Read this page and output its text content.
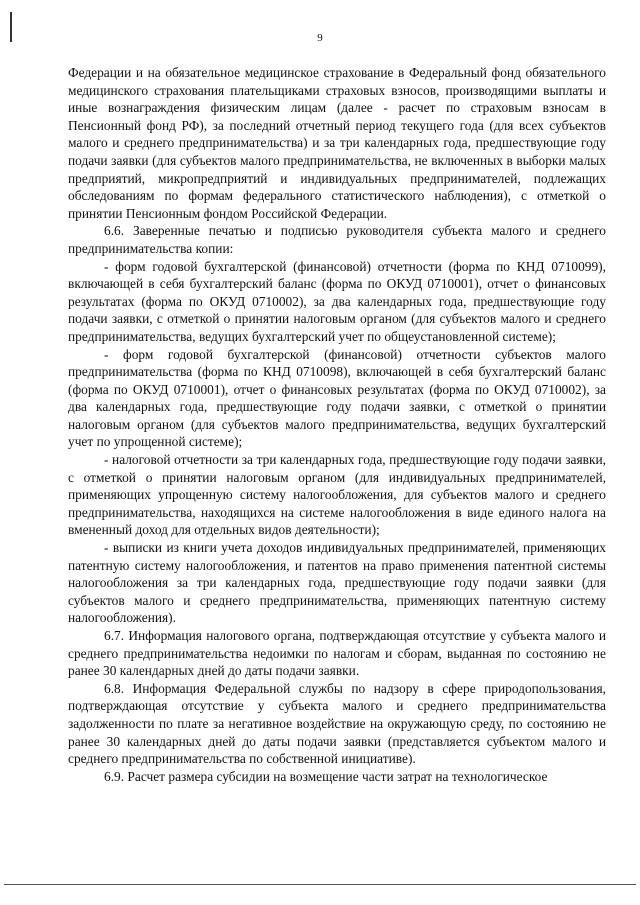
9

Федерации и на обязательное медицинское страхование в Федеральный фонд обязательного медицинского страхования плательщиками страховых взносов, производящими выплаты и иные вознаграждения физическим лицам (далее - расчет по страховым взносам в Пенсионный фонд РФ), за последний отчетный период текущего года (для всех субъектов малого и среднего предпринимательства) и за три календарных года, предшествующие году подачи заявки (для субъектов малого предпринимательства, не включенных в выборки малых предприятий, микропредприятий и индивидуальных предпринимателей, подлежащих обследованиям по формам федерального статистического наблюдения), с отметкой о принятии Пенсионным фондом Российской Федерации.

6.6. Заверенные печатью и подписью руководителя субъекта малого и среднего предпринимательства копии:

- форм годовой бухгалтерской (финансовой) отчетности (форма по КНД 0710099), включающей в себя бухгалтерский баланс (форма по ОКУД 0710001), отчет о финансовых результатах (форма по ОКУД 0710002), за два календарных года, предшествующие году подачи заявки, с отметкой о принятии налоговым органом (для субъектов малого и среднего предпринимательства, ведущих бухгалтерский учет по общеустановленной системе);

- форм годовой бухгалтерской (финансовой) отчетности субъектов малого предпринимательства (форма по КНД 0710098), включающей в себя бухгалтерский баланс (форма по ОКУД 0710001), отчет о финансовых результатах (форма по ОКУД 0710002), за два календарных года, предшествующие году подачи заявки, с отметкой о принятии налоговым органом (для субъектов малого предпринимательства, ведущих бухгалтерский учет по упрощенной системе);

- налоговой отчетности за три календарных года, предшествующие году подачи заявки, с отметкой о принятии налоговым органом (для индивидуальных предпринимателей, применяющих упрощенную систему налогообложения, для субъектов малого и среднего предпринимательства, находящихся на системе налогообложения в виде единого налога на вмененный доход для отдельных видов деятельности);

- выписки из книги учета доходов индивидуальных предпринимателей, применяющих патентную систему налогообложения, и патентов на право применения патентной системы налогообложения за три календарных года, предшествующие году подачи заявки (для субъектов малого и среднего предпринимательства, применяющих патентную систему налогообложения).

6.7. Информация налогового органа, подтверждающая отсутствие у субъекта малого и среднего предпринимательства недоимки по налогам и сборам, выданная по состоянию не ранее 30 календарных дней до даты подачи заявки.

6.8. Информация Федеральной службы по надзору в сфере природопользования, подтверждающая отсутствие у субъекта малого и среднего предпринимательства задолженности по плате за негативное воздействие на окружающую среду, по состоянию не ранее 30 календарных дней до даты подачи заявки (представляется субъектом малого и среднего предпринимательства по собственной инициативе).

6.9. Расчет размера субсидии на возмещение части затрат на технологическое
